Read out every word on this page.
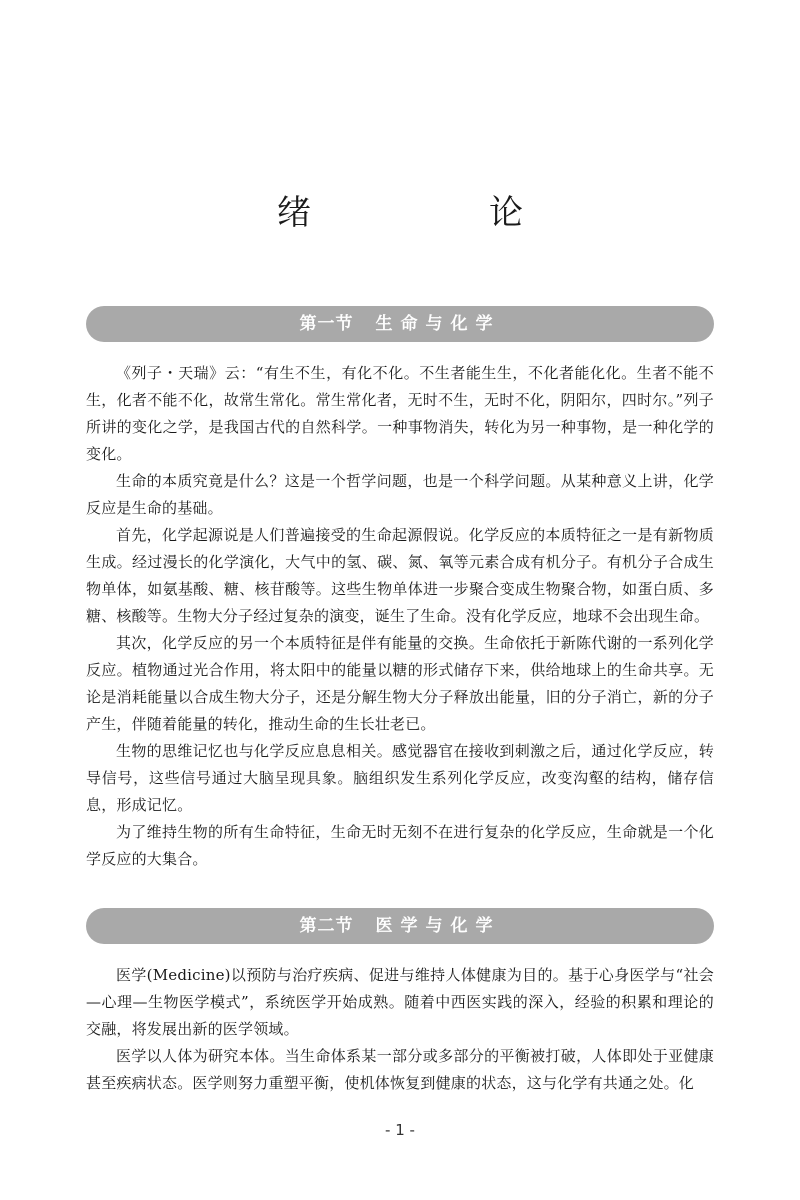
绪　论
第一节 生命与化学

《列子・天瑞》云：“有生不生，有化不化。不生者能生生，不化者能化化。生者不能不生，化者不能不化，故常生常化。常生常化者，无时不生，无时不化，阴阳尔，四时尔。”列子所讲的变化之学，是我国古代的自然科学。一种事物消失，转化为另一种事物，是一种化学的变化。

生命的本质究竟是什么？这是一个哲学问题，也是一个科学问题。从某种意义上讲，化学反应是生命的基础。

首先，化学起源说是人们普遍接受的生命起源假说。化学反应的本质特征之一是有新物质生成。经过漫长的化学演化，大气中的氢、碳、氮、氧等元素合成有机分子。有机分子合成生物单体，如氨基酸、糖、核苷酸等。这些生物单体进一步聚合变成生物聚合物，如蛋白质、多糖、核酸等。生物大分子经过复杂的演变，诞生了生命。没有化学反应，地球不会出现生命。

其次，化学反应的另一个本质特征是伴有能量的交换。生命依托于新陈代谢的一系列化学反应。植物通过光合作用，将太阳中的能量以糖的形式储存下来，供给地球上的生命共享。无论是消耗能量以合成生物大分子，还是分解生物大分子释放出能量，旧的分子消亡，新的分子产生，伴随着能量的转化，推动生命的生长壮老已。

生物的思维记忆也与化学反应息息相关。感觉器官在接收到刺激之后，通过化学反应，转导信号，这些信号通过大脑呈现具象。脑组织发生系列化学反应，改变沟壑的结构，储存信息，形成记忆。

为了维持生物的所有生命特征，生命无时无刻不在进行复杂的化学反应，生命就是一个化学反应的大集合。

第二节 医学与化学

医学(Medicine)以预防与治疗疾病、促进与维持人体健康为目的。基于心身医学与“社会—心理—生物医学模式”，系统医学开始成熟。随着中西医实践的深入，经验的积累和理论的交融，将发展出新的医学领域。

医学以人体为研究本体。当生命体系某一部分或多部分的平衡被打破，人体即处于亚健康甚至疾病状态。医学则努力重塑平衡，使机体恢复到健康的状态，这与化学有共通之处。化

- 1 -
